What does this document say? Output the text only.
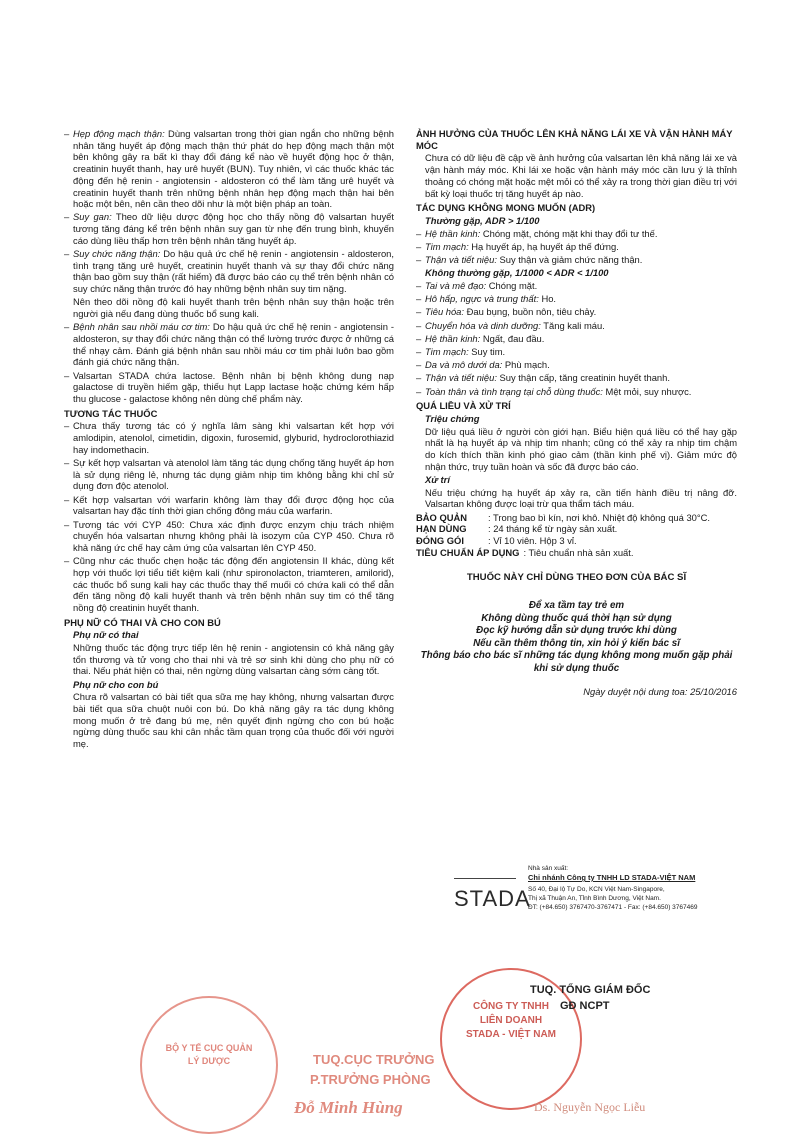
– Hẹp động mạch thận: Dùng valsartan trong thời gian ngắn cho những bệnh nhân tăng huyết áp động mạch thận thứ phát do hẹp động mạch thận một bên không gây ra bất kì thay đổi đáng kể nào về huyết động học ở thận, creatinin huyết thanh, hay urê huyết (BUN). Tuy nhiên, vì các thuốc khác tác động đến hệ renin - angiotensin - aldosteron có thể làm tăng urê huyết và creatinin huyết thanh trên những bệnh nhân hẹp động mạch thận hai bên hoặc một bên, nên cần theo dõi như là một biện pháp an toàn.
– Suy gan: Theo dữ liệu dược động học cho thấy nồng độ valsartan huyết tương tăng đáng kể trên bệnh nhân suy gan từ nhẹ đến trung bình, khuyến cáo dùng liều thấp hơn trên bệnh nhân tăng huyết áp.
– Suy chức năng thận: Do hậu quả ức chế hệ renin - angiotensin - aldosteron, tình trạng tăng urê huyết, creatinin huyết thanh và sự thay đổi chức năng thận bao gồm suy thận (rất hiếm) đã được báo cáo cụ thể trên bệnh nhân có suy chức năng thận trước đó hay những bệnh nhân suy tim nặng.
Nên theo dõi nồng độ kali huyết thanh trên bệnh nhân suy thận hoặc trên người già nếu đang dùng thuốc bổ sung kali.
– Bệnh nhân sau nhồi máu cơ tim: Do hậu quả ức chế hệ renin - angiotensin - aldosteron, sự thay đổi chức năng thận có thể lường trước được ở những cá thể nhạy cảm. Đánh giá bệnh nhân sau nhồi máu cơ tim phải luôn bao gồm đánh giá chức năng thận.
– Valsartan STADA chứa lactose. Bệnh nhân bị bệnh không dung nạp galactose di truyền hiếm gặp, thiếu hụt Lapp lactase hoặc chứng kém hấp thu glucose - galactose không nên dùng chế phẩm này.
TƯƠNG TÁC THUỐC
– Chưa thấy tương tác có ý nghĩa lâm sàng khi valsartan kết hợp với amlodipin, atenolol, cimetidin, digoxin, furosemid, glyburid, hydroclorothiazid hay indomethacin.
– Sự kết hợp valsartan và atenolol làm tăng tác dụng chống tăng huyết áp hơn là sử dụng riêng lẻ, nhưng tác dụng giảm nhịp tim không bằng khi chỉ sử dụng đơn độc atenolol.
– Kết hợp valsartan với warfarin không làm thay đổi được động học của valsartan hay đặc tính thời gian chống đông máu của warfarin.
– Tương tác với CYP 450: Chưa xác định được enzym chịu trách nhiệm chuyển hóa valsartan nhưng không phải là isozym của CYP 450. Chưa rõ khả năng ức chế hay cảm ứng của valsartan lên CYP 450.
– Cũng như các thuốc chẹn hoặc tác động đến angiotensin II khác, dùng kết hợp với thuốc lợi tiểu tiết kiệm kali (như spironolacton, triamteren, amilorid), các thuốc bổ sung kali hay các thuốc thay thế muối có chứa kali có thể dẫn đến tăng nồng độ kali huyết thanh và trên bệnh nhân suy tim có thể tăng nồng độ creatinin huyết thanh.
PHỤ NỮ CÓ THAI VÀ CHO CON BÚ
Phụ nữ có thai
Những thuốc tác động trực tiếp lên hệ renin - angiotensin có khả năng gây tổn thương và tử vong cho thai nhi và trẻ sơ sinh khi dùng cho phụ nữ có thai. Nếu phát hiện có thai, nên ngừng dùng valsartan càng sớm càng tốt.
Phụ nữ cho con bú
Chưa rõ valsartan có bài tiết qua sữa mẹ hay không, nhưng valsartan được bài tiết qua sữa chuột nuôi con bú. Do khả năng gây ra tác dụng không mong muốn ở trẻ đang bú mẹ, nên quyết định ngừng cho con bú hoặc ngừng dùng thuốc sau khi cân nhắc tầm quan trọng của thuốc đối với người mẹ.
ẢNH HƯỞNG CỦA THUỐC LÊN KHẢ NĂNG LÁI XE VÀ VẬN HÀNH MÁY MÓC
Chưa có dữ liệu đề cập về ảnh hưởng của valsartan lên khả năng lái xe và vận hành máy móc. Khi lái xe hoặc vận hành máy móc cần lưu ý là thỉnh thoảng có chóng mặt hoặc mệt mỏi có thể xảy ra trong thời gian điều trị với bất kỳ loại thuốc trị tăng huyết áp nào.
TÁC DỤNG KHÔNG MONG MUỐN (ADR)
Thường gặp, ADR > 1/100
– Hệ thần kinh: Chóng mặt, chóng mặt khi thay đổi tư thế.
– Tim mạch: Hạ huyết áp, hạ huyết áp thế đứng.
– Thận và tiết niệu: Suy thận và giảm chức năng thận.
Không thường gặp, 1/1000 < ADR < 1/100
– Tai và mê đạo: Chóng mặt.
– Hô hấp, ngực và trung thất: Ho.
– Tiêu hóa: Đau bụng, buồn nôn, tiêu chảy.
– Chuyển hóa và dinh dưỡng: Tăng kali máu.
– Hệ thần kinh: Ngất, đau đầu.
– Tim mạch: Suy tim.
– Da và mô dưới da: Phù mạch.
– Thận và tiết niệu: Suy thận cấp, tăng creatinin huyết thanh.
– Toàn thân và tình trạng tại chỗ dùng thuốc: Mệt mỏi, suy nhược.
QUÁ LIỀU VÀ XỬ TRÍ
Triệu chứng
Dữ liệu quá liều ở người còn giới hạn. Biểu hiện quá liều có thể hay gặp nhất là hạ huyết áp và nhịp tim nhanh; cũng có thể xảy ra nhịp tim chậm do kích thích thần kinh phó giao cảm (thần kinh phế vị). Giảm mức độ nhận thức, trụy tuần hoàn và sốc đã được báo cáo.
Xử trí
Nếu triệu chứng hạ huyết áp xảy ra, cần tiến hành điều trị nâng đỡ. Valsartan không được loại trừ qua thẩm tách máu.
BẢO QUẢN	: Trong bao bì kín, nơi khô. Nhiệt độ không quá 30°C.
HẠN DÙNG	: 24 tháng kể từ ngày sản xuất.
ĐÓNG GÓI	: Vỉ 10 viên. Hộp 3 vỉ.
TIÊU CHUẨN ÁP DỤNG : Tiêu chuẩn nhà sản xuất.
THUỐC NÀY CHỈ DÙNG THEO ĐƠN CỦA BÁC SĨ
Để xa tầm tay trẻ em
Không dùng thuốc quá thời hạn sử dụng
Đọc kỹ hướng dẫn sử dụng trước khi dùng
Nếu cần thêm thông tin, xin hỏi ý kiến bác sĩ
Thông báo cho bác sĩ những tác dụng không mong muốn gặp phải khi sử dụng thuốc
Ngày duyệt nội dung toa: 25/10/2016
STADA
Nhà sản xuất:
Chi nhánh Công ty TNHH LD STADA-VIỆT NAM
Số 40, Đại lộ Tự Do, KCN Việt Nam-Singapore,
Thị xã Thuận An, Tỉnh Bình Dương, Việt Nam.
ĐT: (+84.650) 3767470-3767471 - Fax: (+84.650) 3767469
CÔNG TY TNHH LIÊN DOANH STADA - VIỆT NAM
TUQ. TỔNG GIÁM ĐỐC
GĐ NCPT
Ds. Nguyễn Ngọc Liễu
BỘ Y TẾ CỤC QUẢN LÝ DƯỢC	TUQ.CỤC TRƯỞNG
P.TRƯỞNG PHÒNG
Đỗ Minh Hùng
